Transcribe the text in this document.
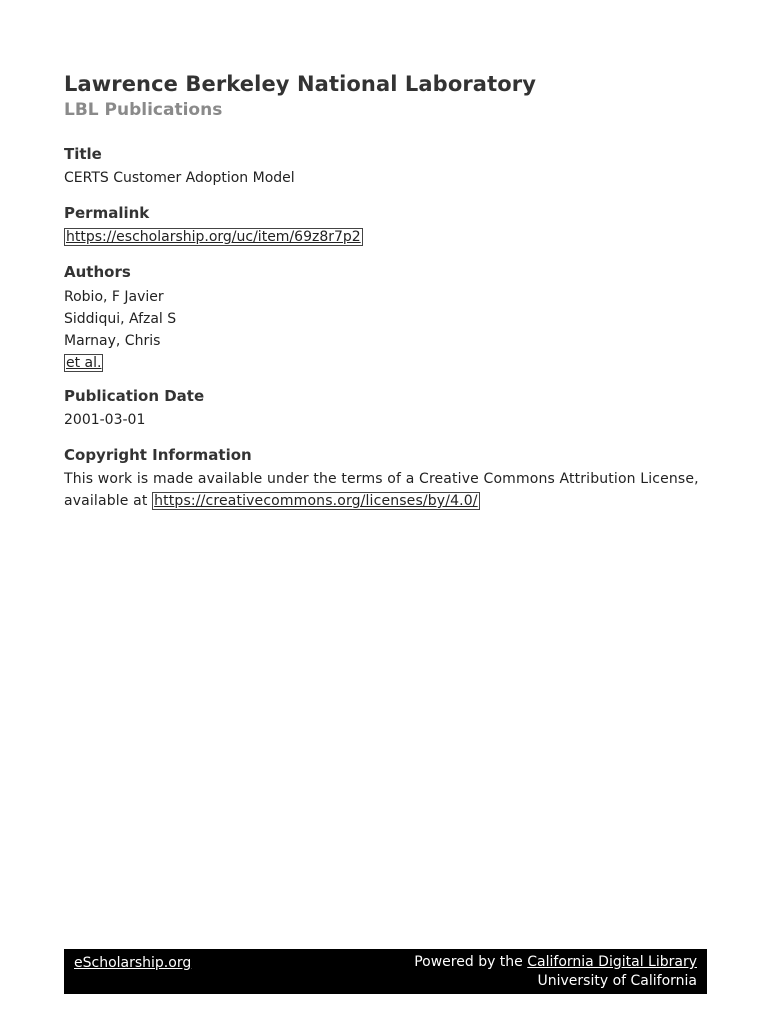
Lawrence Berkeley National Laboratory

LBL Publications

Title

CERTS Customer Adoption Model

Permalink

https://escholarship.org/uc/item/69z8r7p2

Authors

Robio, F Javier

Siddiqui, Afzal S

Marnay, Chris

et al.

Publication Date

2001-03-01

Copyright Information

This work is made available under the terms of a Creative Commons Attribution License,

available at https://creativecommons.org/licenses/by/4.0/

eScholarship.org	Powered by the California Digital Library
University of California
